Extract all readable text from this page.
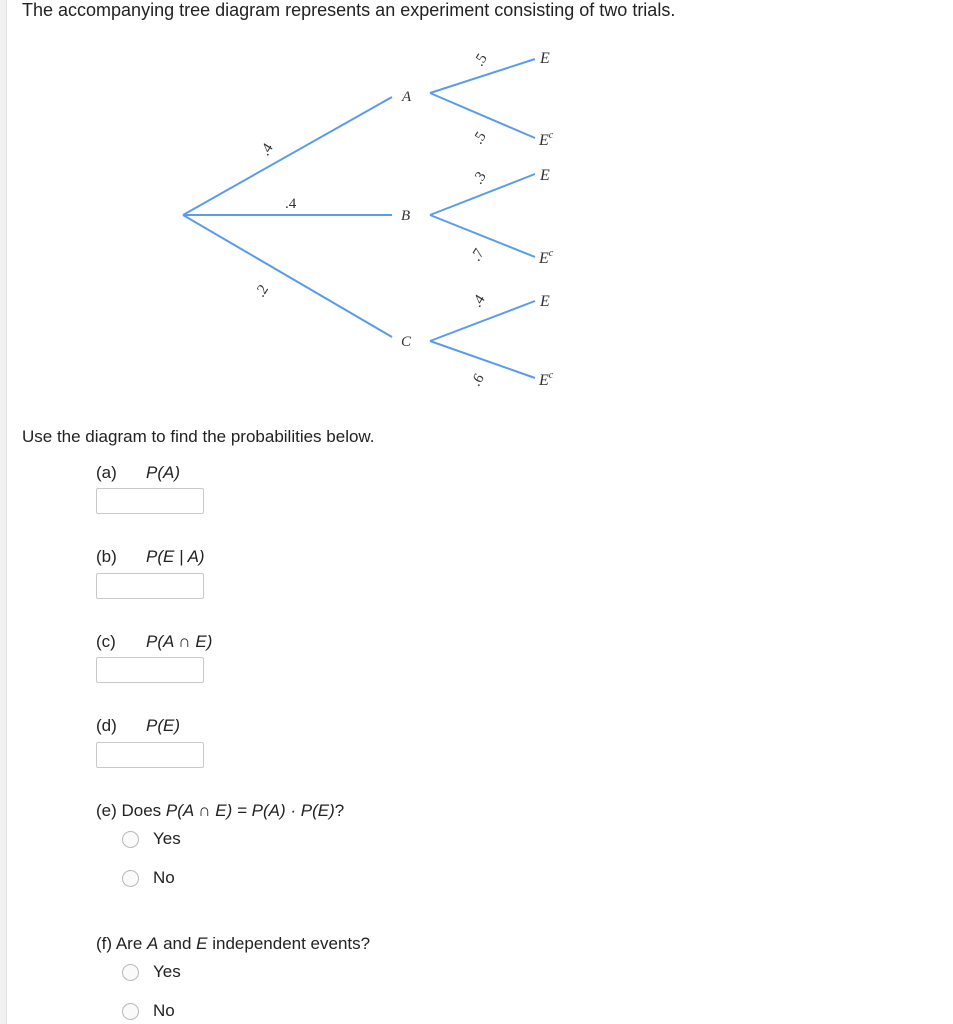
The accompanying tree diagram represents an experiment consisting of two trials.
.4
.4
.2
A
B
C
.5
.5
.3
.7
.4
.6
E
$E^c$
E
$E^c$
E
$E^c$
Use the diagram to find the probabilities below.
(a) P(A)
(b) P(E | A)
(c) P(A ∩ E)
(d) P(E)
(e) Does P(A ∩ E) = P(A) · P(E)?
Yes
No
(f) Are A and E independent events?
Yes
No
